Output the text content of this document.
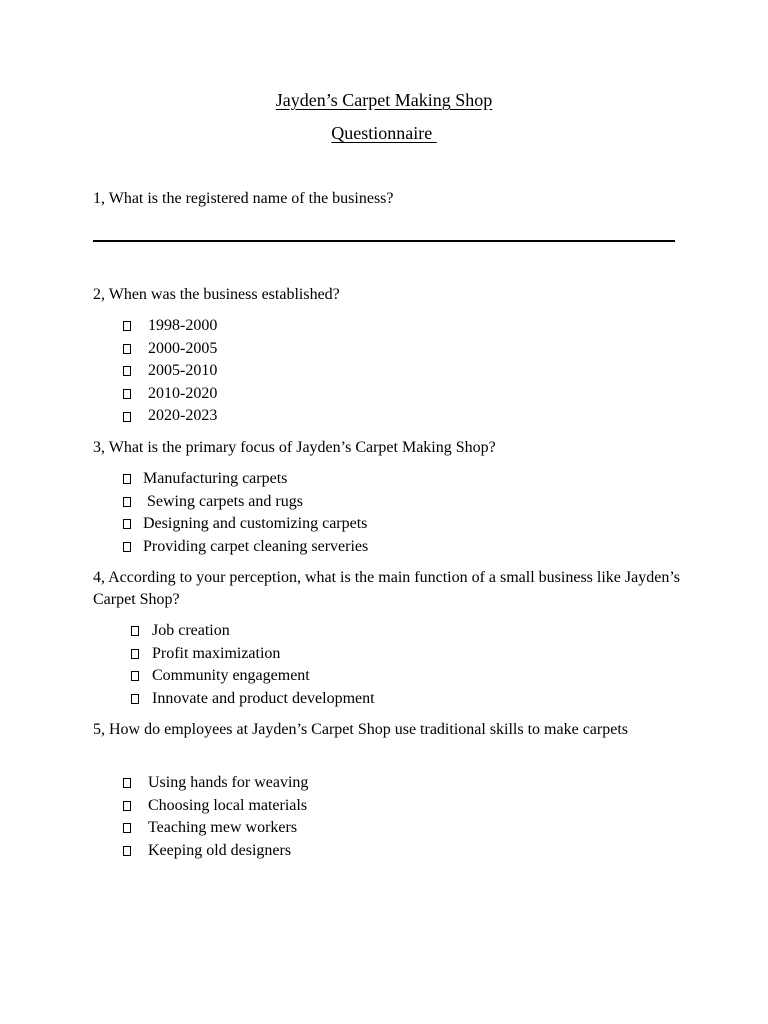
Jayden’s Carpet Making Shop
Questionnaire
1, What is the registered name of the business?
2, When was the business established?
1998-2000
2000-2005
2005-2010
2010-2020
2020-2023
3, What is the primary focus of Jayden’s Carpet Making Shop?
Manufacturing carpets
Sewing carpets and rugs
Designing and customizing carpets
Providing carpet cleaning serveries
4, According to your perception, what is the main function of a small business like Jayden’s Carpet Shop?
Job creation
Profit maximization
Community engagement
Innovate and product development
5, How do employees at Jayden’s Carpet Shop use traditional skills to make carpets
Using hands for weaving
Choosing local materials
Teaching mew workers
Keeping old designers
